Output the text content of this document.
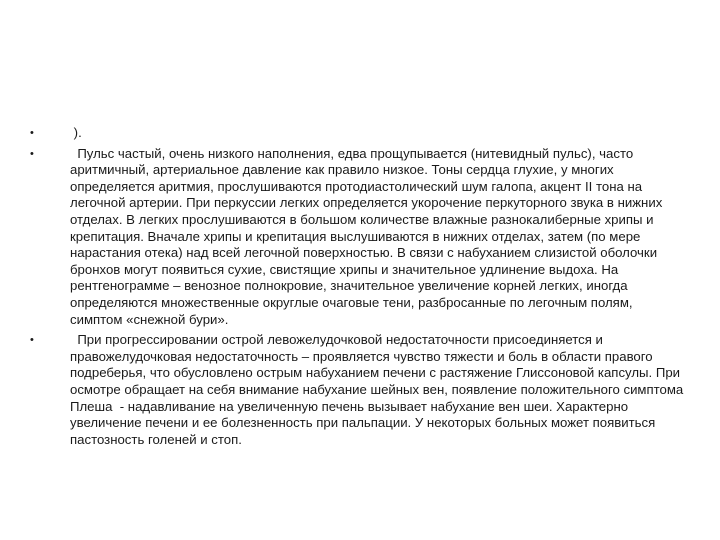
•	).
•	Пульс частый, очень низкого наполнения, едва прощупывается (нитевидный пульс), часто аритмичный, артериальное давление как правило низкое. Тоны сердца глухие, у многих определяется аритмия, прослушиваются протодиастолический шум галопа, акцент II тона на легочной артерии. При перкуссии легких определяется укорочение перкуторного звука в нижних отделах. В легких прослушиваются в большом количестве влажные разнокалиберные хрипы и крепитация. Вначале хрипы и крепитация выслушиваются в нижних отделах, затем (по мере нарастания отека) над всей легочной поверхностью. В связи с набуханием слизистой оболочки бронхов могут появиться сухие, свистящие хрипы и значительное удлинение выдоха. На рентгенограмме – венозное полнокровие, значительное увеличение корней легких, иногда определяются множественные округлые очаговые тени, разбросанные по легочным полям, симптом «снежной бури».
•	При прогрессировании острой левожелудочковой недостаточности присоединяется и правожелудочковая недостаточность – проявляется чувство тяжести и боль в области правого подреберья, что обусловлено острым набуханием печени с растяжение Глиссоновой капсулы. При осмотре обращает на себя внимание набухание шейных вен, появление положительного симптома Плеша  - надавливание на увеличенную печень вызывает набухание вен шеи. Характерно увеличение печени и ее болезненность при пальпации. У некоторых больных может появиться пастозность голеней и стоп.
